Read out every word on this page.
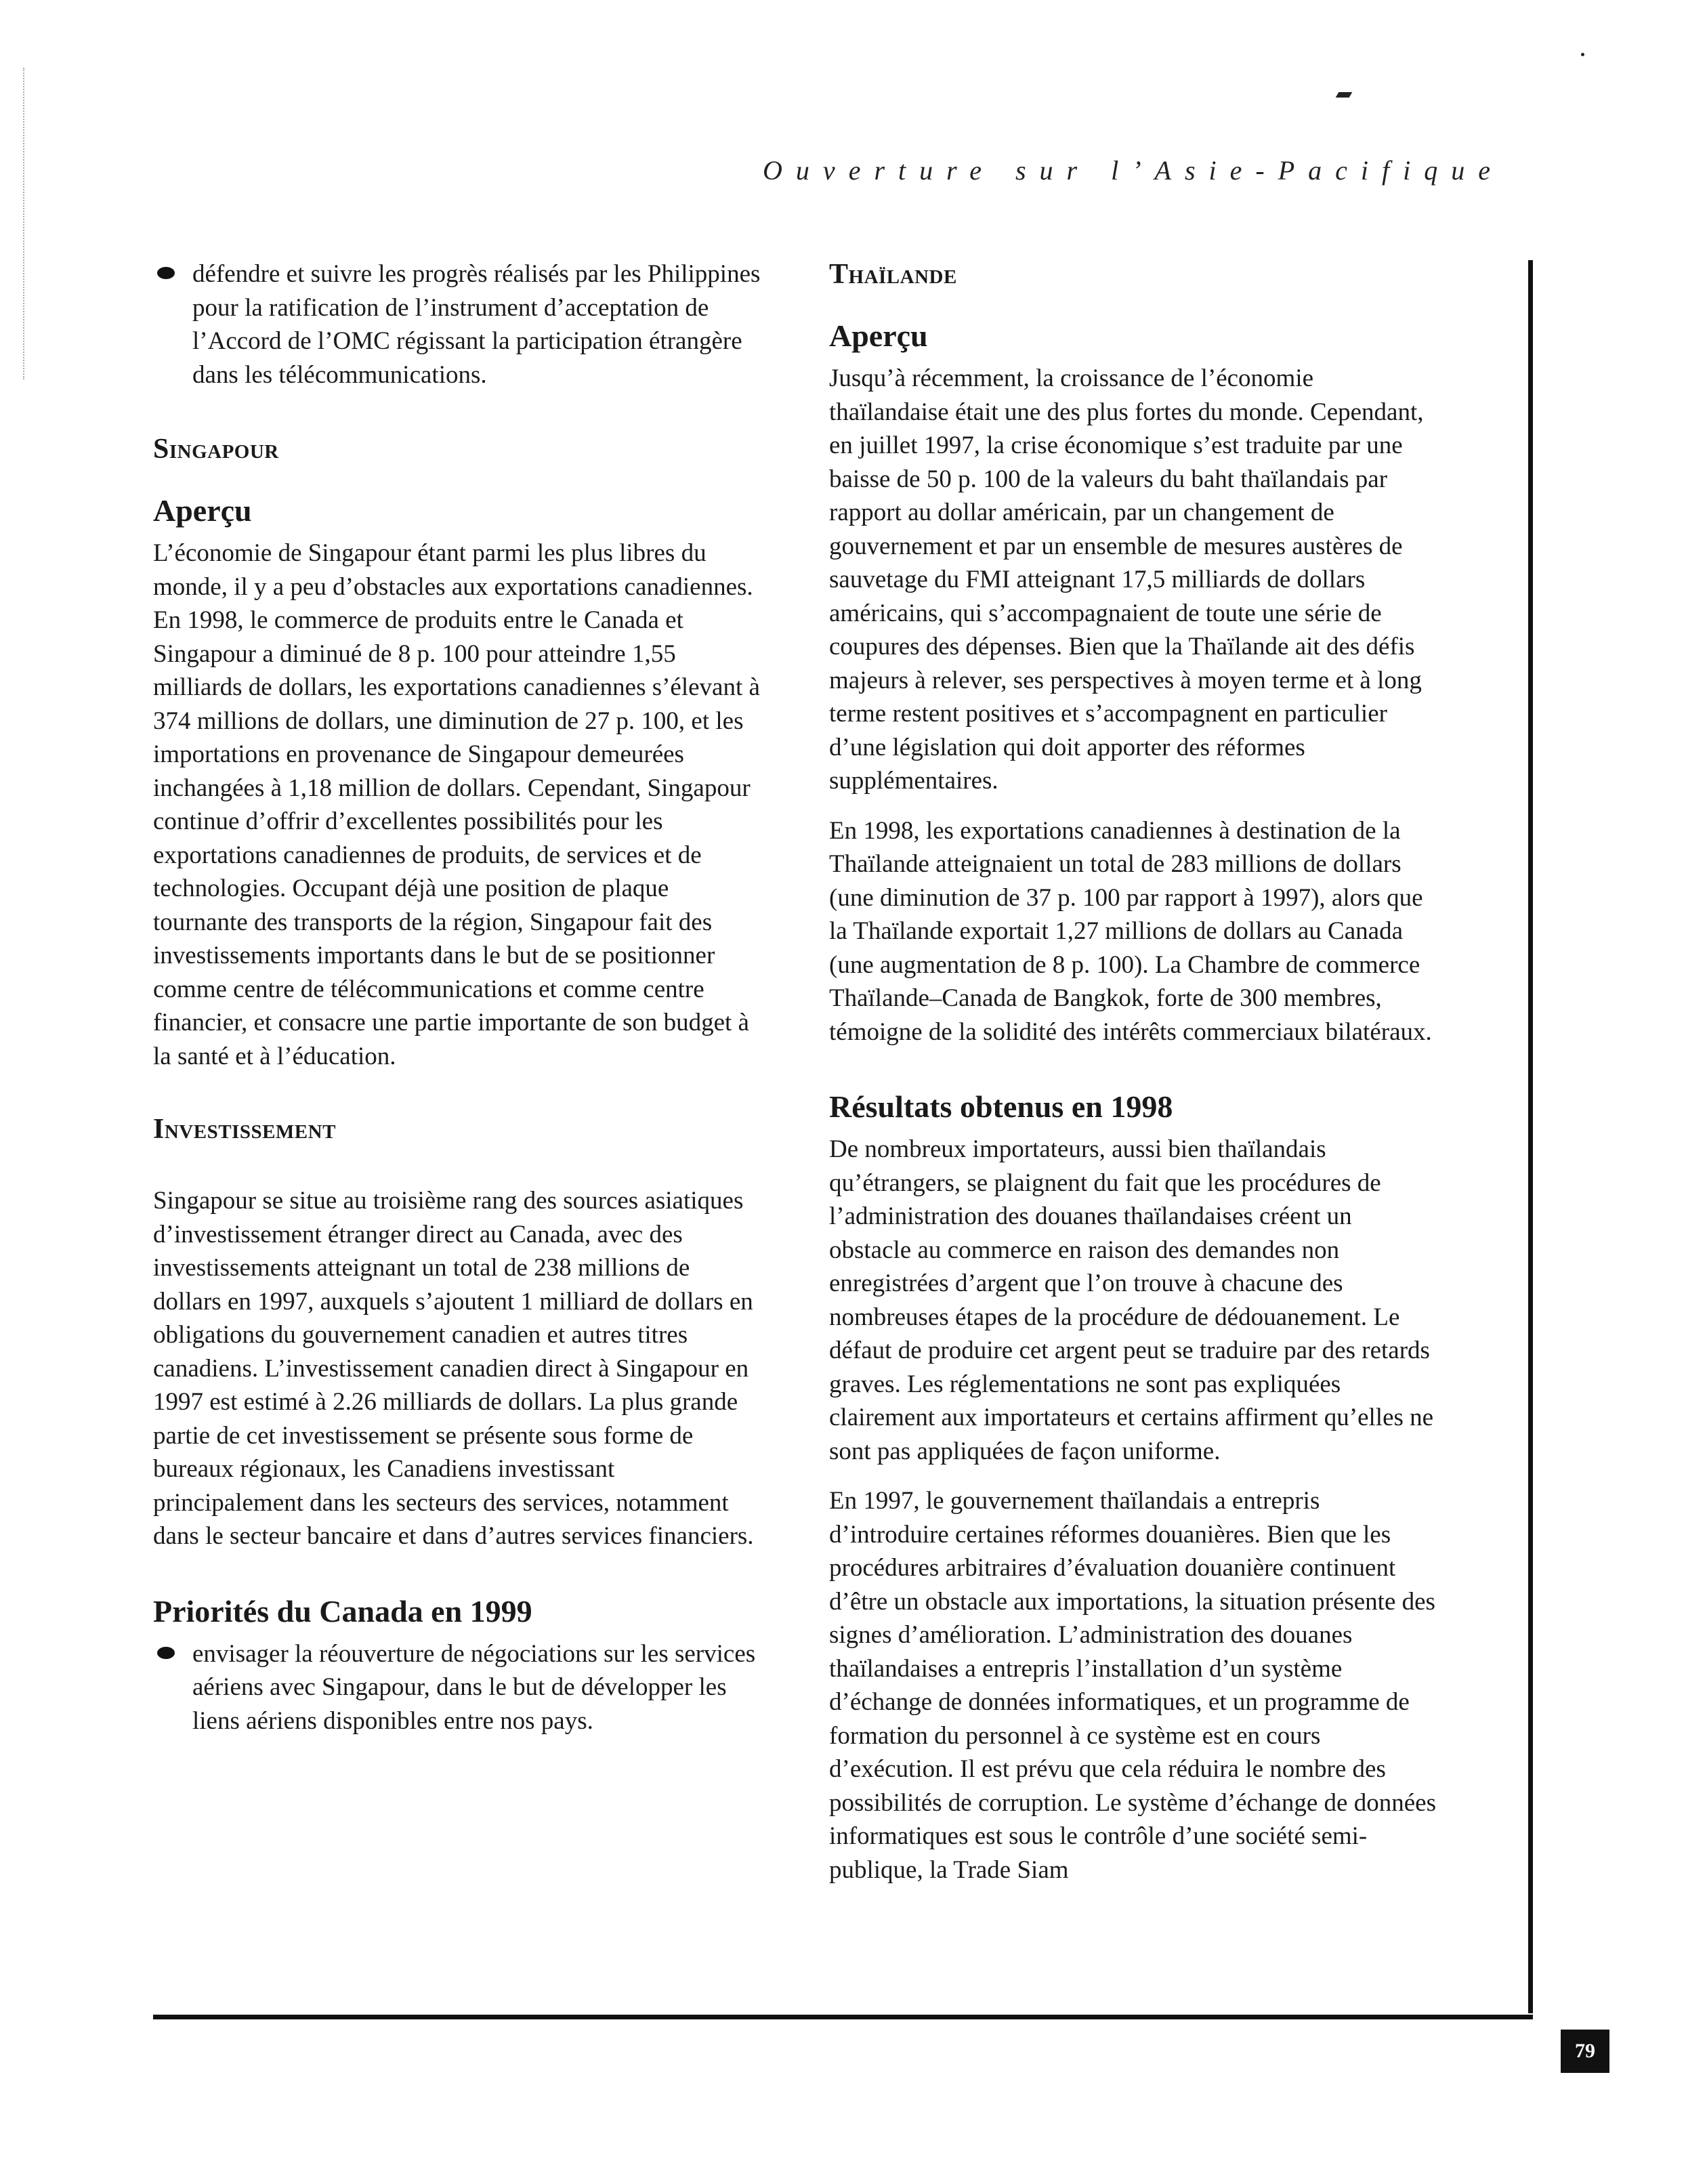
Ouverture sur l’Asie-Pacifique
défendre et suivre les progrès réalisés par les Philippines pour la ratification de l’instrument d’acceptation de l’Accord de l’OMC régissant la participation étrangère dans les télécommunications.
Singapour
Aperçu

L’économie de Singapour étant parmi les plus libres du monde, il y a peu d’obstacles aux exportations canadiennes. En 1998, le commerce de produits entre le Canada et Singapour a diminué de 8 p. 100 pour atteindre 1,55 milliards de dollars, les exportations canadiennes s’élevant à 374 millions de dollars, une diminution de 27 p. 100, et les importations en provenance de Singapour demeurées inchangées à 1,18 million de dollars. Cependant, Singapour continue d’offrir d’excellentes possibilités pour les exportations canadiennes de produits, de services et de technologies. Occupant déjà une position de plaque tournante des transports de la région, Singapour fait des investissements importants dans le but de se positionner comme centre de télécommunications et comme centre financier, et consacre une partie importante de son budget à la santé et à l’éducation.

Investissement

Singapour se situe au troisième rang des sources asiatiques d’investissement étranger direct au Canada, avec des investissements atteignant un total de 238 millions de dollars en 1997, auxquels s’ajoutent 1 milliard de dollars en obligations du gouvernement canadien et autres titres canadiens. L’investissement canadien direct à Singapour en 1997 est estimé à 2.26 milliards de dollars. La plus grande partie de cet investissement se présente sous forme de bureaux régionaux, les Canadiens investissant principalement dans les secteurs des services, notamment dans le secteur bancaire et dans d’autres services financiers.

Priorités du Canada en 1999
envisager la réouverture de négociations sur les services aériens avec Singapour, dans le but de développer les liens aériens disponibles entre nos pays.
Thaïlande
Aperçu

Jusqu’à récemment, la croissance de l’économie thaïlandaise était une des plus fortes du monde. Cependant, en juillet 1997, la crise économique s’est traduite par une baisse de 50 p. 100 de la valeurs du baht thaïlandais par rapport au dollar américain, par un changement de gouvernement et par un ensemble de mesures austères de sauvetage du FMI atteignant 17,5 milliards de dollars américains, qui s’accompagnaient de toute une série de coupures des dépenses. Bien que la Thaïlande ait des défis majeurs à relever, ses perspectives à moyen terme et à long terme restent positives et s’accompagnent en particulier d’une législation qui doit apporter des réformes supplémentaires.

En 1998, les exportations canadiennes à destination de la Thaïlande atteignaient un total de 283 millions de dollars (une diminution de 37 p. 100 par rapport à 1997), alors que la Thaïlande exportait 1,27 millions de dollars au Canada (une augmentation de 8 p. 100). La Chambre de commerce Thaïlande–Canada de Bangkok, forte de 300 membres, témoigne de la solidité des intérêts commerciaux bilatéraux.

Résultats obtenus en 1998

De nombreux importateurs, aussi bien thaïlandais qu’étrangers, se plaignent du fait que les procédures de l’administration des douanes thaïlandaises créent un obstacle au commerce en raison des demandes non enregistrées d’argent que l’on trouve à chacune des nombreuses étapes de la procédure de dédouanement. Le défaut de produire cet argent peut se traduire par des retards graves. Les réglementations ne sont pas expliquées clairement aux importateurs et certains affirment qu’elles ne sont pas appliquées de façon uniforme.

En 1997, le gouvernement thaïlandais a entrepris d’introduire certaines réformes douanières. Bien que les procédures arbitraires d’évaluation douanière continuent d’être un obstacle aux importations, la situation présente des signes d’amélioration. L’administration des douanes thaïlandaises a entrepris l’installation d’un système d’échange de données informatiques, et un programme de formation du personnel à ce système est en cours d’exécution. Il est prévu que cela réduira le nombre des possibilités de corruption. Le système d’échange de données informatiques est sous le contrôle d’une société semi-publique, la Trade Siam

79
